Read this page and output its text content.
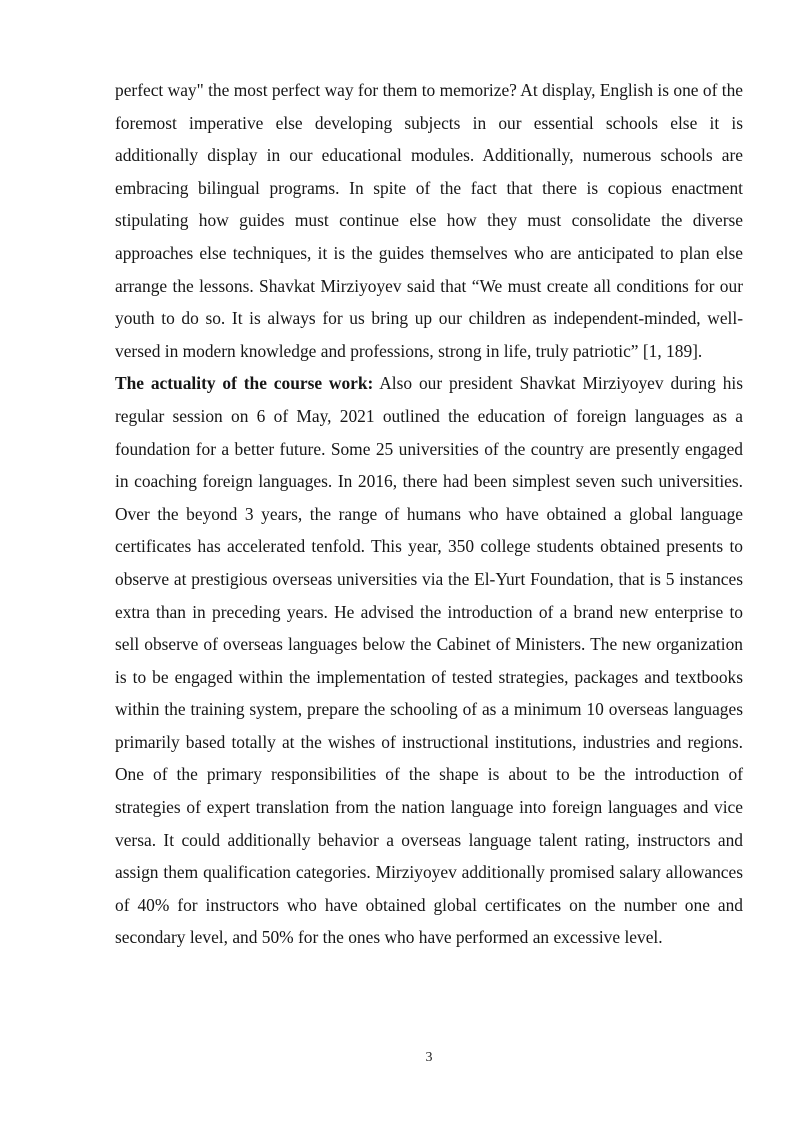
perfect way" the most perfect way for them to memorize? At display, English is one of the foremost imperative else developing subjects in our essential schools else it is additionally display in our educational modules. Additionally, numerous schools are embracing bilingual programs. In spite of the fact that there is copious enactment stipulating how guides must continue else how they must consolidate the diverse approaches else techniques, it is the guides themselves who are anticipated to plan else arrange the lessons. Shavkat Mirziyoyev said that “We must create all conditions for our youth to do so. It is always for us bring up our children as independent-minded, well-versed in modern knowledge and professions, strong in life, truly patriotic” [1, 189].

The actuality of the course work: Also our president Shavkat Mirziyoyev during his regular session on 6 of May, 2021 outlined the education of foreign languages as a foundation for a better future. Some 25 universities of the country are presently engaged in coaching foreign languages. In 2016, there had been simplest seven such universities. Over the beyond 3 years, the range of humans who have obtained a global language certificates has accelerated tenfold. This year, 350 college students obtained presents to observe at prestigious overseas universities via the El-Yurt Foundation, that is 5 instances extra than in preceding years. He advised the introduction of a brand new enterprise to sell observe of overseas languages below the Cabinet of Ministers. The new organization is to be engaged within the implementation of tested strategies, packages and textbooks within the training system, prepare the schooling of as a minimum 10 overseas languages primarily based totally at the wishes of instructional institutions, industries and regions. One of the primary responsibilities of the shape is about to be the introduction of strategies of expert translation from the nation language into foreign languages and vice versa. It could additionally behavior a overseas language talent rating, instructors and assign them qualification categories. Mirziyoyev additionally promised salary allowances of 40% for instructors who have obtained global certificates on the number one and secondary level, and 50% for the ones who have performed an excessive level.

3
